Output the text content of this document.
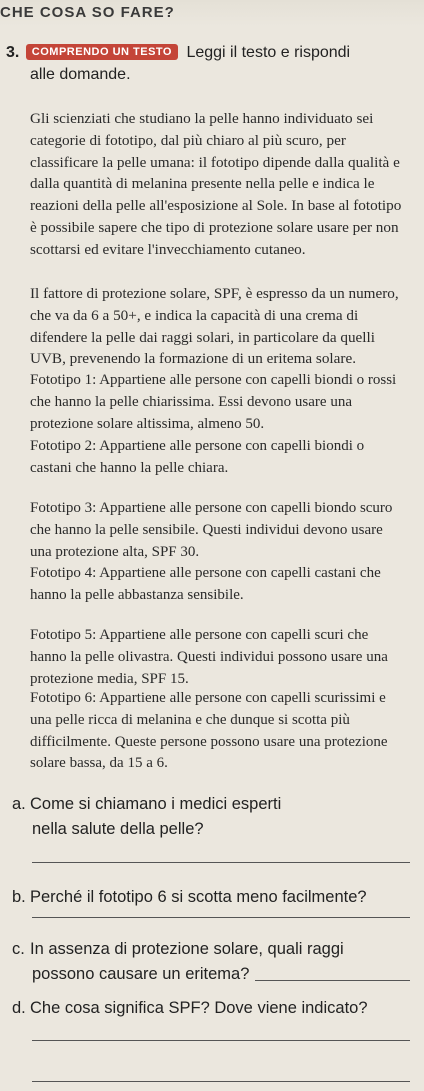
CHE COSA SO FARE?
3. COMPRENDO UN TESTO Leggi il testo e rispondi
alle domande.
Gli scienziati che studiano la pelle hanno individuato sei categorie di fototipo, dal più chiaro al più scuro, per classificare la pelle umana: il fototipo dipende dalla qualità e dalla quantità di melanina presente nella pelle e indica le reazioni della pelle all'esposizione al Sole. In base al fototipo è possibile sapere che tipo di protezione solare usare per non scottarsi ed evitare l'invecchiamento cutaneo.
Il fattore di protezione solare, SPF, è espresso da un numero, che va da 6 a 50+, e indica la capacità di una crema di difendere la pelle dai raggi solari, in particolare da quelli UVB, prevenendo la formazione di un eritema solare.
Fototipo 1: Appartiene alle persone con capelli biondi o rossi che hanno la pelle chiarissima. Essi devono usare una protezione solare altissima, almeno 50.
Fototipo 2: Appartiene alle persone con capelli biondi o castani che hanno la pelle chiara.
Fototipo 3: Appartiene alle persone con capelli biondo scuro che hanno la pelle sensibile. Questi individui devono usare una protezione alta, SPF 30.
Fototipo 4: Appartiene alle persone con capelli castani che hanno la pelle abbastanza sensibile.
Fototipo 5: Appartiene alle persone con capelli scuri che hanno la pelle olivastra. Questi individui possono usare una protezione media, SPF 15.
Fototipo 6: Appartiene alle persone con capelli scurissimi e una pelle ricca di melanina e che dunque si scotta più difficilmente. Queste persone possono usare una protezione solare bassa, da 15 a 6.
a. Come si chiamano i medici esperti
nella salute della pelle?
b. Perché il fototipo 6 si scotta meno facilmente?
c. In assenza di protezione solare, quali raggi
possono causare un eritema?
d. Che cosa significa SPF? Dove viene indicato?
